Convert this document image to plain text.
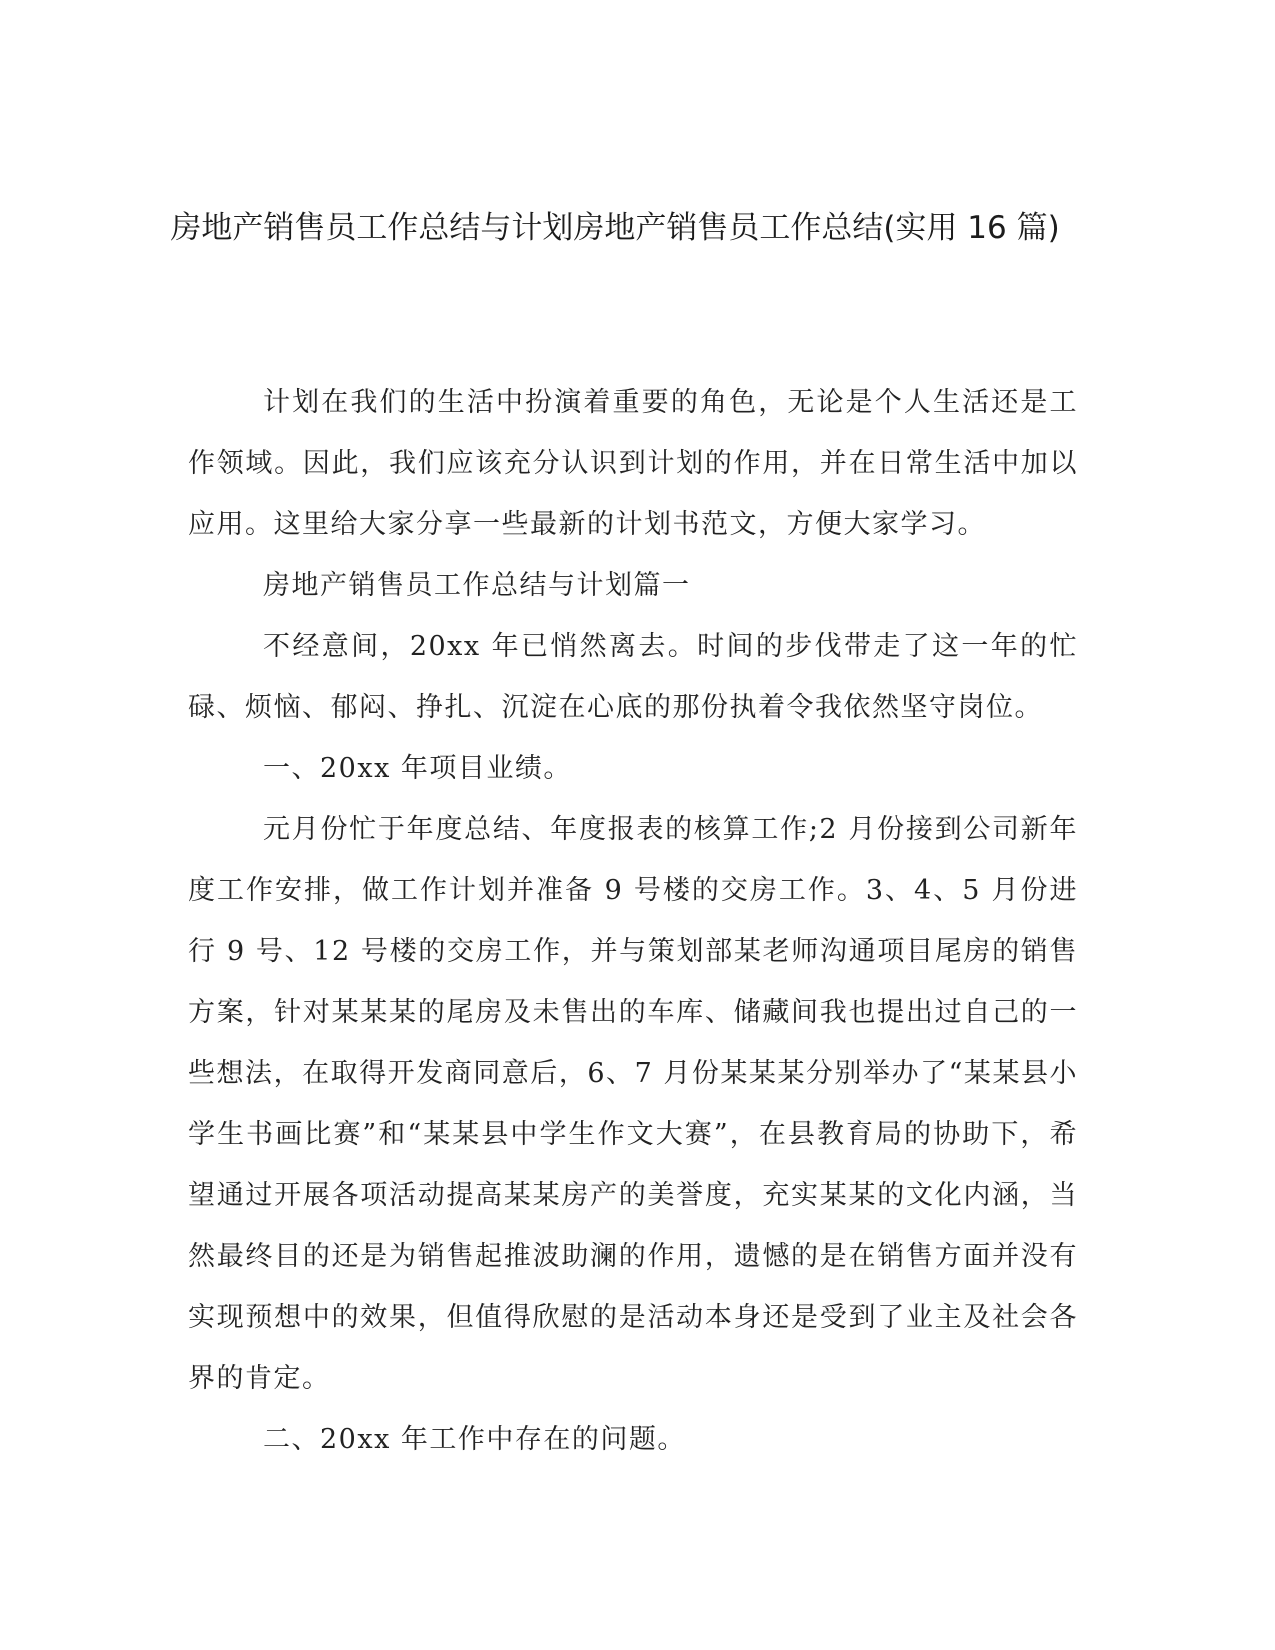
房地产销售员工作总结与计划房地产销售员工作总结(实用 16 篇)

计划在我们的生活中扮演着重要的角色，无论是个人生活还是工作领域。因此，我们应该充分认识到计划的作用，并在日常生活中加以应用。这里给大家分享一些最新的计划书范文，方便大家学习。

房地产销售员工作总结与计划篇一

不经意间，20xx 年已悄然离去。时间的步伐带走了这一年的忙碌、烦恼、郁闷、挣扎、沉淀在心底的那份执着令我依然坚守岗位。

一、20xx 年项目业绩。

元月份忙于年度总结、年度报表的核算工作;2 月份接到公司新年度工作安排，做工作计划并准备 9 号楼的交房工作。3、4、5 月份进行 9 号、12 号楼的交房工作，并与策划部某老师沟通项目尾房的销售方案，针对某某某的尾房及未售出的车库、储藏间我也提出过自己的一些想法，在取得开发商同意后，6、7 月份某某某分别举办了“某某县小学生书画比赛”和“某某县中学生作文大赛”，在县教育局的协助下，希望通过开展各项活动提高某某房产的美誉度，充实某某的文化内涵，当然最终目的还是为销售起推波助澜的作用，遗憾的是在销售方面并没有实现预想中的效果，但值得欣慰的是活动本身还是受到了业主及社会各界的肯定。

二、20xx 年工作中存在的问题。
